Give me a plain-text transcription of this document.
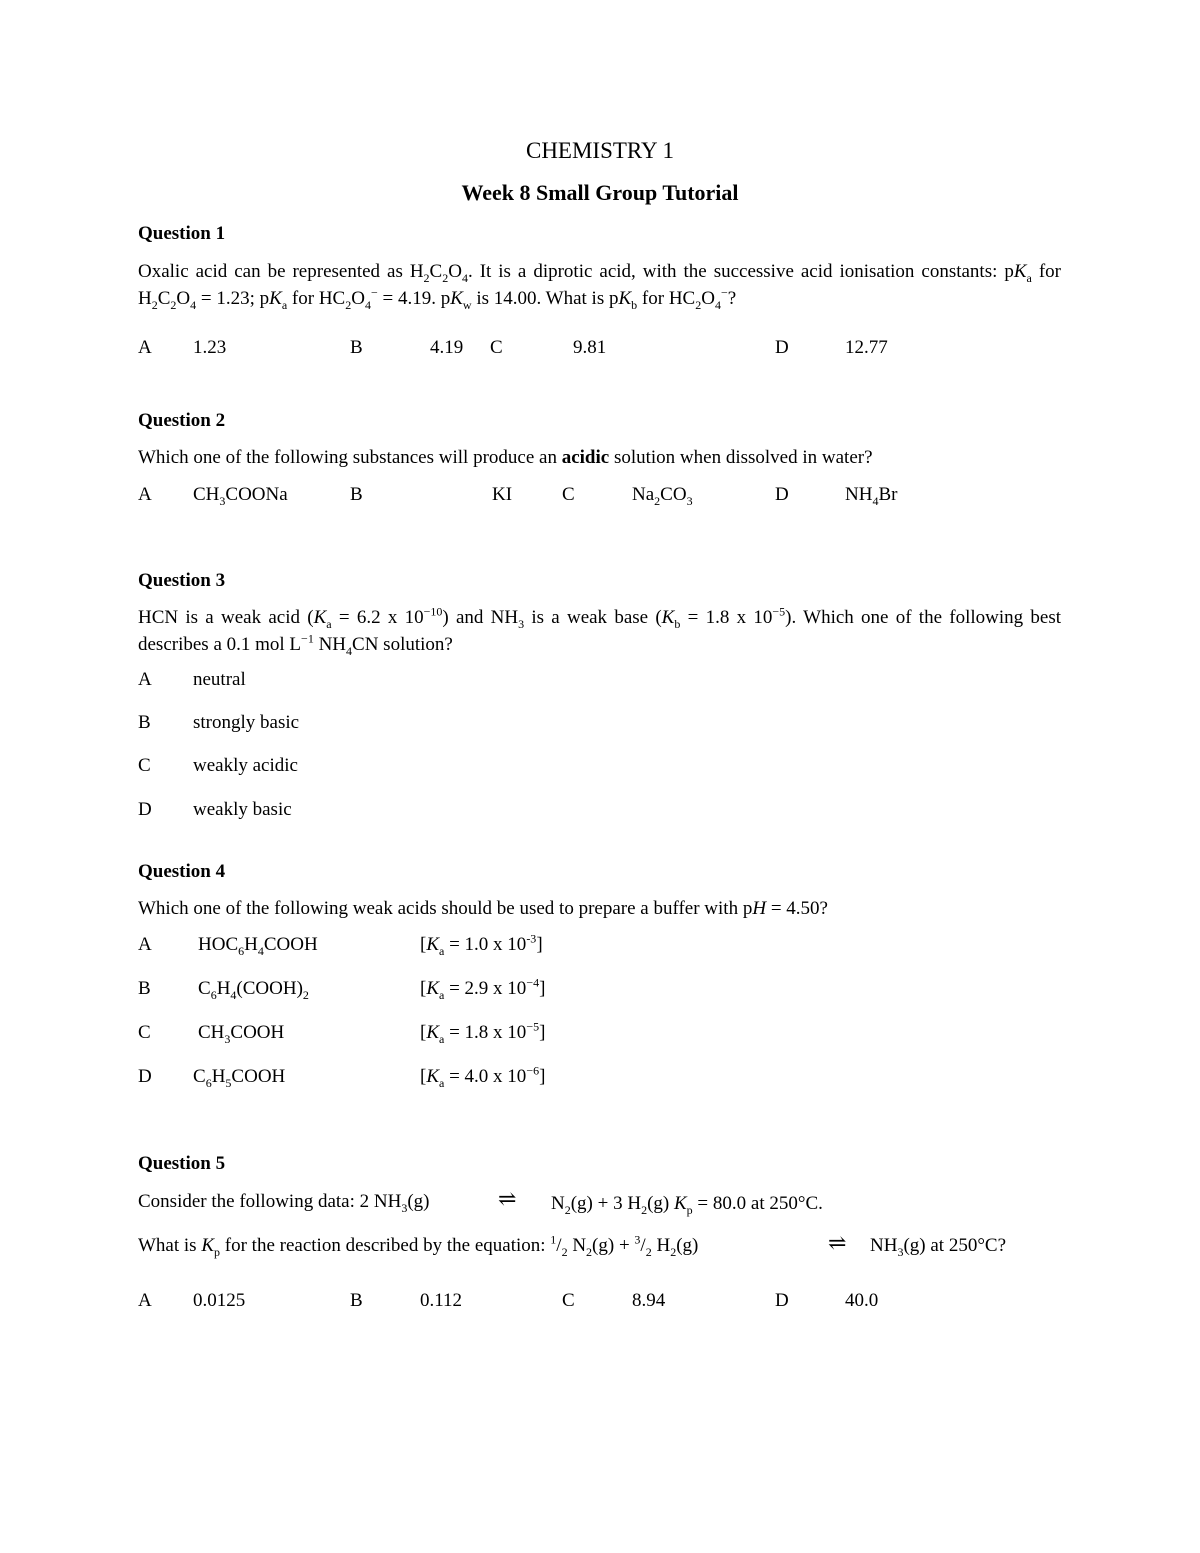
CHEMISTRY 1
Week 8 Small Group Tutorial
Question 1
Oxalic acid can be represented as $H_2C_2O_4$. It is a diprotic acid, with the successive acid ionisation constants: $pK_a$ for $H_2C_2O_4 = 1.23$; $pK_a$ for $HC_2O_4^- = 4.19$. $pK_w$ is 14.00. What is $pK_b$ for $HC_2O_4^-$?
A 1.23	B	4.19 C	9.81	D	12.77
Question 2
Which one of the following substances will produce an acidic solution when dissolved in water?
A $CH_3COONa$	B	KI	C	$Na_2CO_3$	D	$NH_4Br$
Question 3
HCN is a weak acid ($K_a = 6.2$ x $10^{-10}$) and $NH_3$ is a weak base ($K_b = 1.8$ x $10^{-5}$). Which one of the following best describes a 0.1 mol $L^{-1}$ $NH_4CN$ solution?
A neutral
B strongly basic
C weakly acidic
D weakly basic
Question 4
Which one of the following weak acids should be used to prepare a buffer with pH = 4.50?
A $HOC_6H_4COOH$	[$K_a = 1.0$ x $10^{-3}$]
B $C_6H_4(COOH)_2$	[$K_a = 2.9$ x $10^{-4}$]
C $CH_3COOH$	[$K_a = 1.8$ x $10^{-5}$]
D $C_6H_5COOH$	[$K_a = 4.0$ x $10^{-6}$]
Question 5
Consider the following data: 2 $NH_3(g)$	⇌ $N_2(g) + 3$ $H_2(g) K_p = 80.0$ at 250°C.
What is $K_p$ for the reaction described by the equation: $^1/_2$ $N_2(g) + ^3/_2$ $H_2(g)$	⇌ $NH_3(g)$ at 250°C?
A 0.0125	B	0.112	C	8.94	D	40.0
